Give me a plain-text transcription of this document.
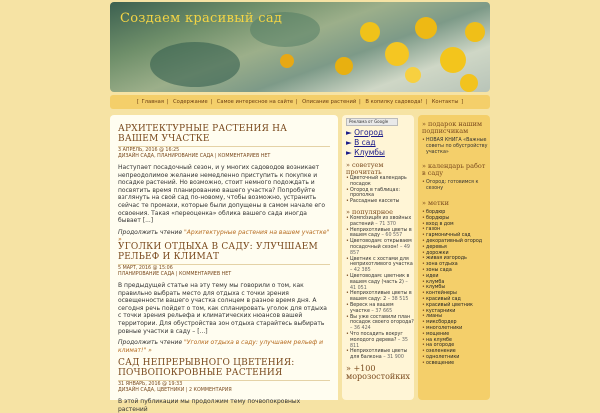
Создаем красивый сад
[ Главная | Содержание | Самое интересное на сайте | Описание растений | В копилку садовода! | Контакты ]
АРХИТЕКТУРНЫЕ РАСТЕНИЯ НА ВАШЕМ УЧАСТКЕ
3 АПРЕЛЬ, 2016 @ 16:25
ДИЗАЙН САДА, ПЛАНИРОВАНИЕ САДА | КОММЕНТАРИЕВ НЕТ
Наступает посадочный сезон, и у многих садоводов возникает непреодолимое желание немедленно приступить к покупке и посадке растений. Но возможно, стоит немного подождать и посвятить время планированию вашего участка? Попробуйте взглянуть на свой сад по-новому, чтобы возможно, устранить сейчас те промахи, которые были допущены в самом начале его освоения. Такая «переоценка» облика вашего сада иногда бывает [...]
Продолжить чтение "Архитектурные растения на вашем участке" »
УГОЛКИ ОТДЫХА В САДУ: УЛУЧШАЕМ РЕЛЬЕФ И КЛИМАТ
5 МАРТ, 2016 @ 15:06
ПЛАНИРОВАНИЕ САДА | КОММЕНТАРИЕВ НЕТ
В предыдущей статье на эту тему мы говорили о том, как правильно выбрать место для отдыха с точки зрения освещенности вашего участка солнцем в разное время дня. А сегодня речь пойдет о том, как спланировать уголок для отдыха с точки зрения рельефа и климатических нюансов вашей территории. Для обустройства зон отдыха старайтесь выбирать ровные участки в саду – [...]
Продолжить чтение "Уголки отдыха в саду: улучшаем рельеф и климат!" »
САД НЕПРЕРЫВНОГО ЦВЕТЕНИЯ: ПОЧВОПОКРОВНЫЕ РАСТЕНИЯ
31 ЯНВАРЬ, 2016 @ 19:33
ДИЗАЙН САДА, ЦВЕТНИКИ | 2 КОММЕНТАРИЯ
В этой публикации мы продолжим тему почвопокровных растений
Реклама от Google
► Огород
► В сад
► Клумбы
» советуем прочитать
• Цветочный календарь посадок
• Огород в таблицах: прополка
• Рассадные кассеты
» популярное
• Композиция из хвойных растений – 71 370
• Неприхотливые цветы в вашем саду – 60 557
• Цветоводам: открываем посадочный сезон! – 49 857
• Цветник с хостами для неприхотливого участка – 42 385
• Цветоводам: цветник в вашем саду (часть 2) – 41 051
• Неприхотливые цветы в вашем саду: 2 – 38 515
• Вереск на вашем участке – 37 665
• Вы уже составили план посадок своего огорода? – 36 424
• Что посадить вокруг молодого дерева? – 35 811
• Неприхотливые цветы для балкона – 31 900
» +100 морозостойких
» подарок нашим подписчикам
• НОВАЯ КНИГА «Важные советы по обустройству участка»
» календарь работ в саду
• Огород: готовимся к сезону
» метки
• бордюр
• бордюры
• вход в дом
• газон
• гармоничный сад
• декоративный огород
• деревья
• дорожки
• живая изгородь
• зона отдыха
• зоны сада
• идеи
• клумба
• клумбы
• контейнеры
• красивый сад
• красивый цветник
• кустарники
• лианы
• миксбордер
• многолетники
• мощение
• на клумбе
• на огороде
• озеленение
• однолетники
• освещение
